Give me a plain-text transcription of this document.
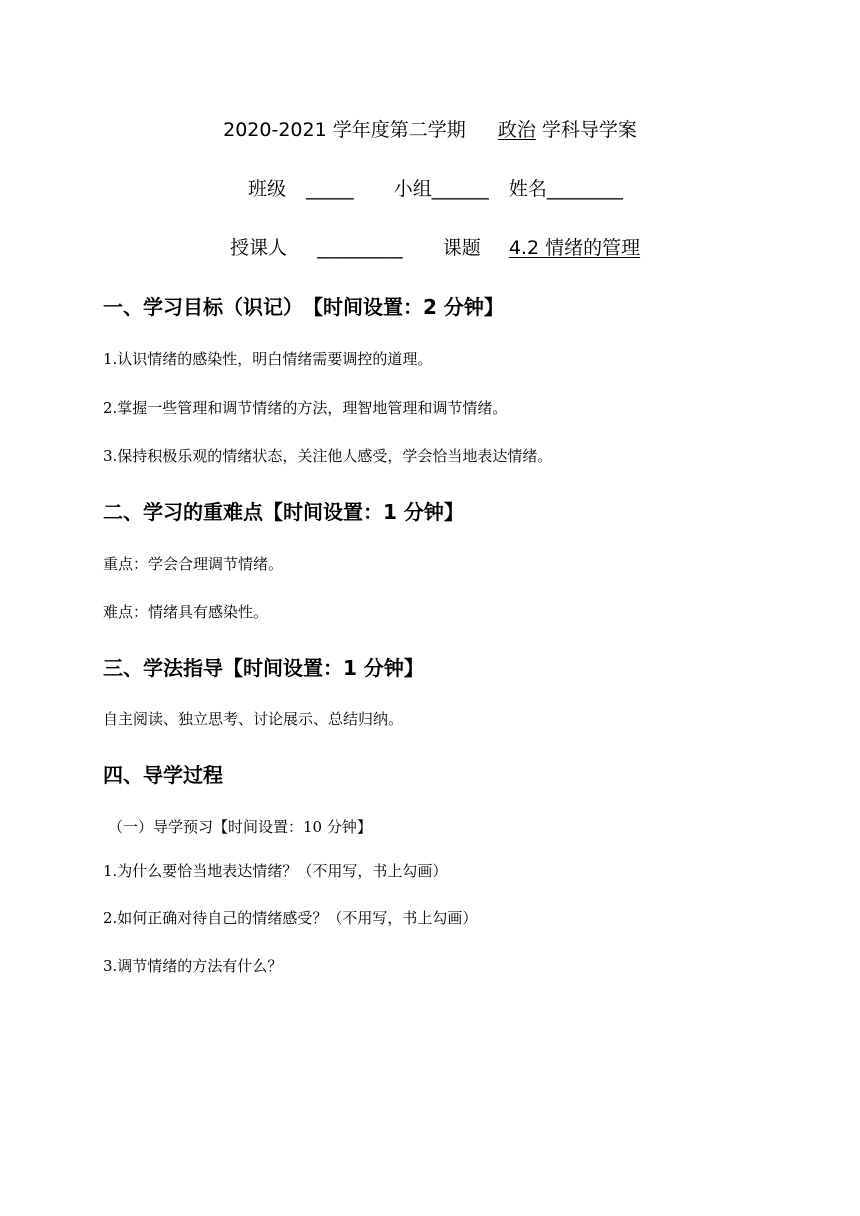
2020-2021 学年度第二学期 政治 学科导学案
班级 _____ 小组______ 姓名________
授课人 _________ 课题 4.2 情绪的管理
一、学习目标（识记）　【时间设置：2 分钟】
1.认识情绪的感染性，明白情绪需要调控的道理。
2.掌握一些管理和调节情绪的方法，理智地管理和调节情绪。
3.保持积极乐观的情绪状态，关注他人感受，学会恰当地表达情绪。
二、学习的重难点【时间设置：1 分钟】
重点：学会合理调节情绪。
难点：情绪具有感染性。
三、学法指导【时间设置：1 分钟】
自主阅读、独立思考、讨论展示、总结归纳。
四、导学过程
（一）导学预习【时间设置：10 分钟】
1.为什么要恰当地表达情绪？（不用写，书上勾画）
2.如何正确对待自己的情绪感受？（不用写，书上勾画）
3.调节情绪的方法有什么？
